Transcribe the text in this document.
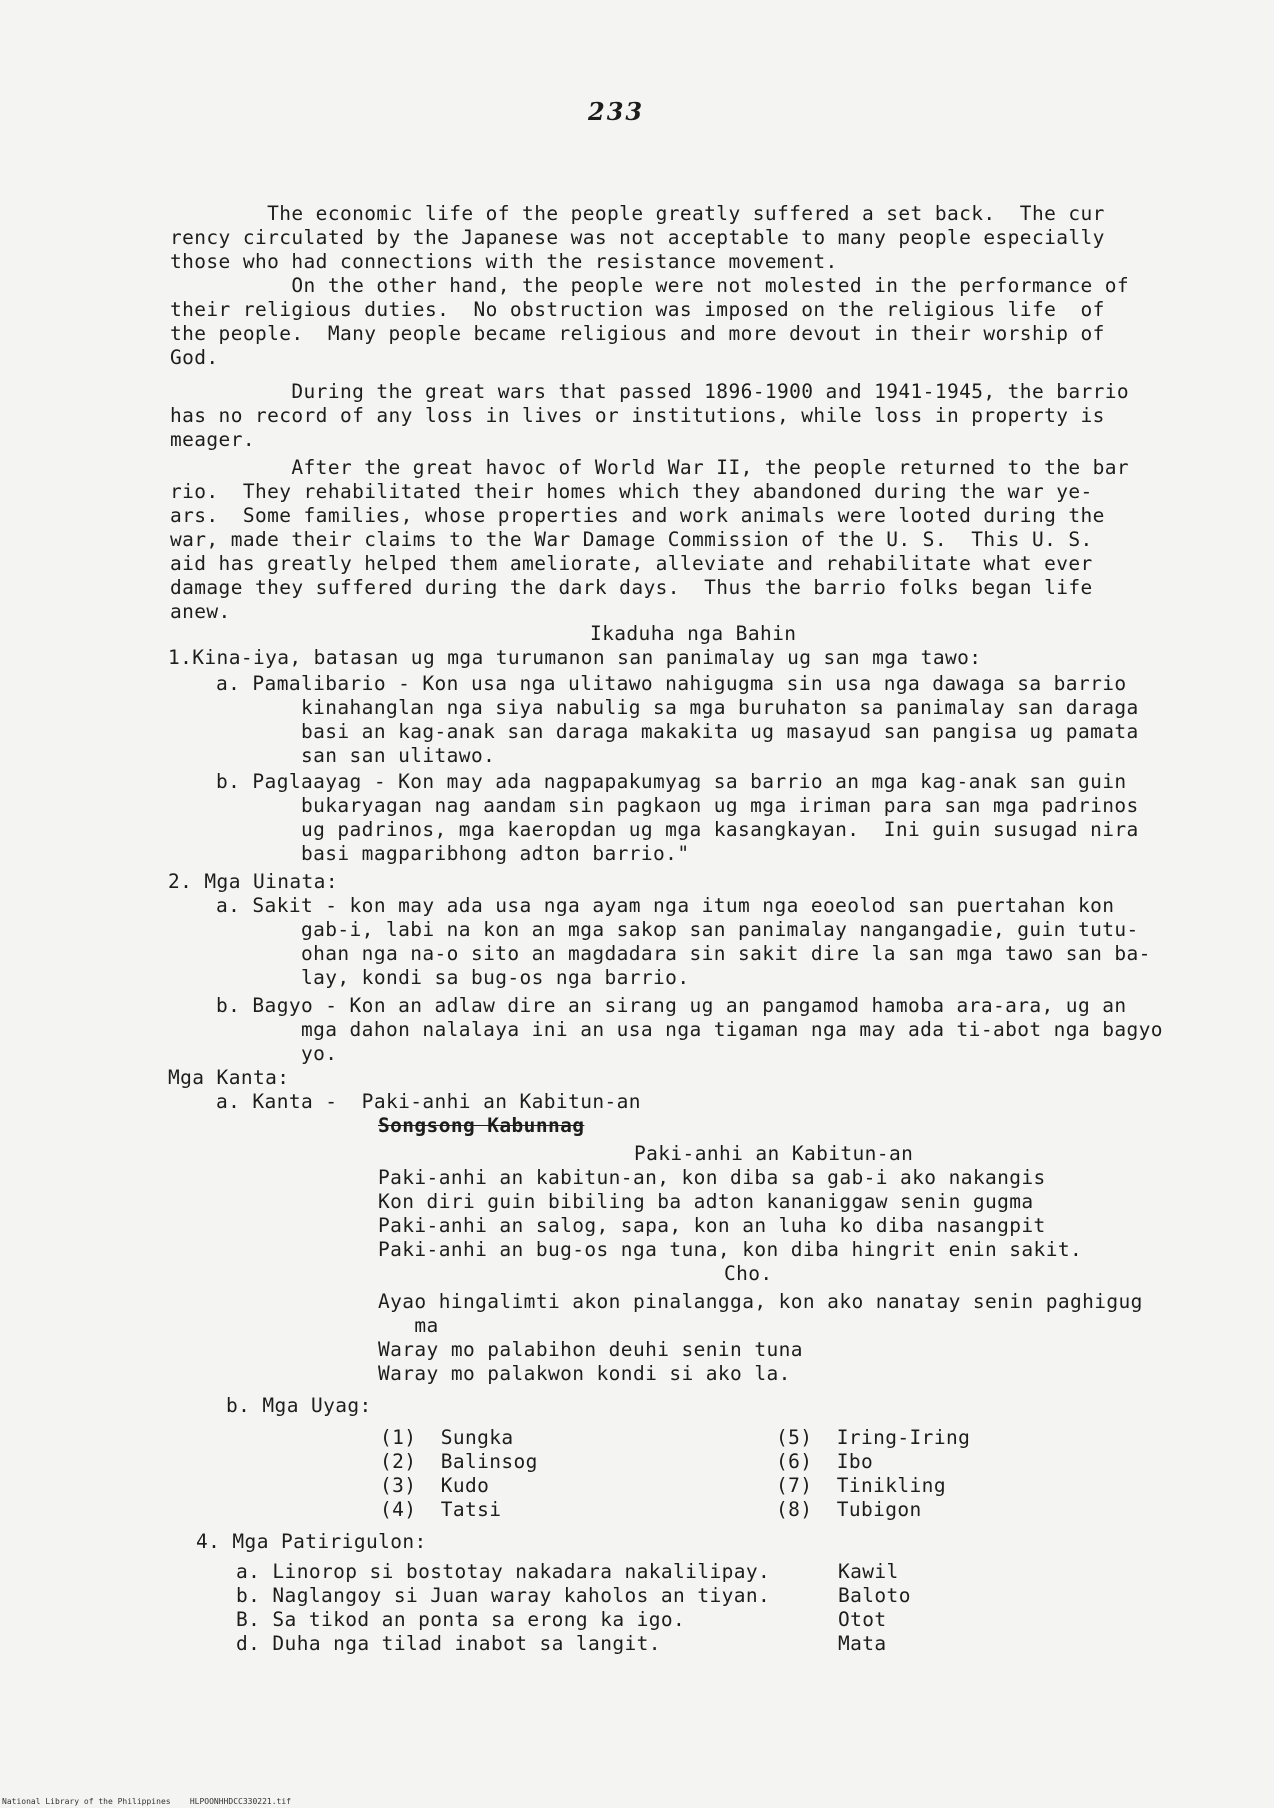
233
The economic life of the people greatly suffered a set back.  The cur
rency circulated by the Japanese was not acceptable to many people especially
those who had connections with the resistance movement.
On the other hand, the people were not molested in the performance of
their religious duties.  No obstruction was imposed on the religious life  of
the people.  Many people became religious and more devout in their worship of
God.
During the great wars that passed 1896-1900 and 1941-1945, the barrio
has no record of any loss in lives or institutions, while loss in property is
meager.
After the great havoc of World War II, the people returned to the bar
rio.  They rehabilitated their homes which they abandoned during the war ye-
ars.  Some families, whose properties and work animals were looted during the
war, made their claims to the War Damage Commission of the U. S.  This U. S.
aid has greatly helped them ameliorate, alleviate and rehabilitate what ever
damage they suffered during the dark days.  Thus the barrio folks began life
anew.
Ikaduha nga Bahin
1.Kina-iya, batasan ug mga turumanon san panimalay ug san mga tawo:
a. Pamalibario - Kon usa nga ulitawo nahigugma sin usa nga dawaga sa barrio
kinahanglan nga siya nabulig sa mga buruhaton sa panimalay san daraga
basi an kag-anak san daraga makakita ug masayud san pangisa ug pamata
san san ulitawo.
b. Paglaayag - Kon may ada nagpapakumyag sa barrio an mga kag-anak san guin
bukaryagan nag aandam sin pagkaon ug mga iriman para san mga padrinos
ug padrinos, mga kaeropdan ug mga kasangkayan.  Ini guin susugad nira
basi magparibhong adton barrio."
2. Mga Uinata:
a. Sakit - kon may ada usa nga ayam nga itum nga eoeolod san puertahan kon
gab-i, labi na kon an mga sakop san panimalay nangangadie, guin tutu-
ohan nga na-o sito an magdadara sin sakit dire la san mga tawo san ba-
lay, kondi sa bug-os nga barrio.
b. Bagyo - Kon an adlaw dire an sirang ug an pangamod hamoba ara-ara, ug an
mga dahon nalalaya ini an usa nga tigaman nga may ada ti-abot nga bagyo
yo.
Mga Kanta:
a. Kanta -  Paki-anhi an Kabitun-an
Songsong Kabunnag
Paki-anhi an Kabitun-an
Paki-anhi an kabitun-an, kon diba sa gab-i ako nakangis
Kon diri guin bibiling ba adton kananiggaw senin gugma
Paki-anhi an salog, sapa, kon an luha ko diba nasangpit
Paki-anhi an bug-os nga tuna, kon diba hingrit enin sakit.
Cho.
Ayao hingalimti akon pinalangga, kon ako nanatay senin paghigug
ma
Waray mo palabihon deuhi senin tuna
Waray mo palakwon kondi si ako la.
b. Mga Uyag:
(1)  Sungka
(2)  Balinsog
(3)  Kudo
(4)  Tatsi
(5)  Iring-Iring
(6)  Ibo
(7)  Tinikling
(8)  Tubigon
4. Mga Patirigulon:
a. Linorop si bostotay nakadara nakalilipay.	Kawil
b. Naglangoy si Juan waray kaholos an tiyan.	Baloto
B. Sa tikod an ponta sa erong ka igo.	Otot
d. Duha nga tilad inabot sa langit.	Mata
National Library of the Philippines    HLPOONHHDCC330221.tif
